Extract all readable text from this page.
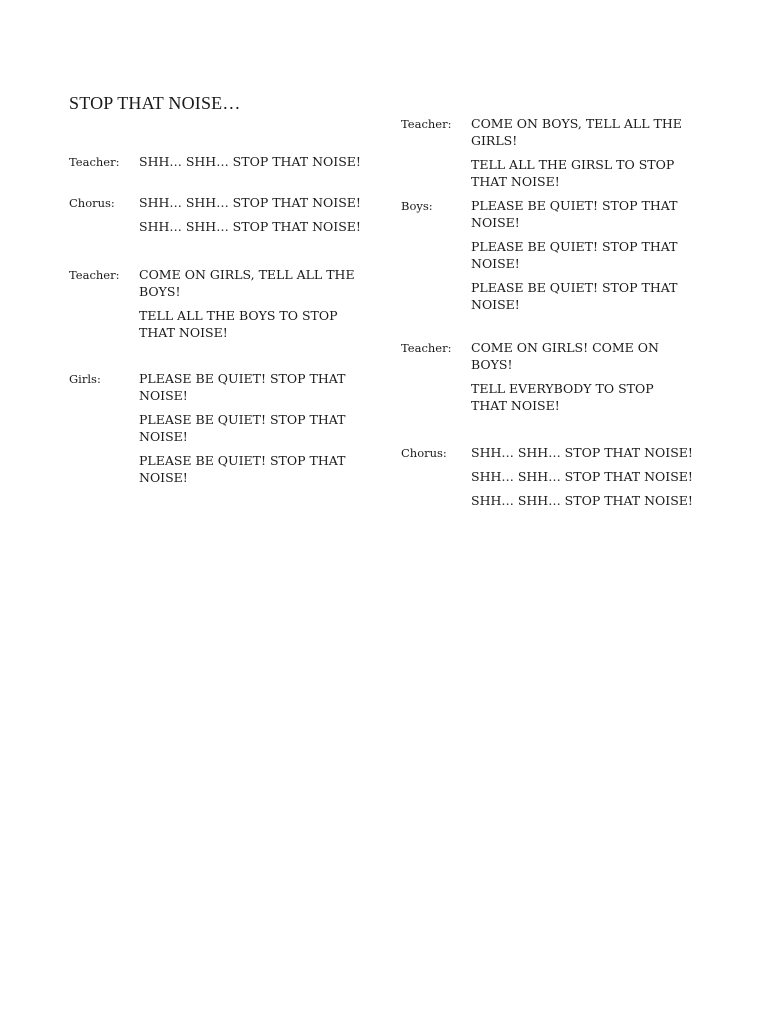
STOP THAT NOISE…
Teacher:	SHH… SHH… STOP THAT NOISE!
Chorus:	SHH… SHH… STOP THAT NOISE!
SHH… SHH… STOP THAT NOISE!
Teacher:	COME ON GIRLS, TELL ALL THE BOYS!
TELL ALL THE BOYS TO STOP THAT NOISE!
Girls:	PLEASE BE QUIET! STOP THAT NOISE!
PLEASE BE QUIET! STOP THAT NOISE!
PLEASE BE QUIET! STOP THAT NOISE!
Teacher:	COME ON BOYS, TELL ALL THE GIRLS!
TELL ALL THE GIRSL TO STOP THAT NOISE!
Boys:	PLEASE BE QUIET! STOP THAT NOISE!
PLEASE BE QUIET! STOP THAT NOISE!
PLEASE BE QUIET! STOP THAT NOISE!
Teacher:	COME ON GIRLS! COME ON BOYS!
TELL EVERYBODY TO STOP THAT NOISE!
Chorus:	SHH… SHH… STOP THAT NOISE!
SHH… SHH… STOP THAT NOISE!
SHH… SHH… STOP THAT NOISE!
